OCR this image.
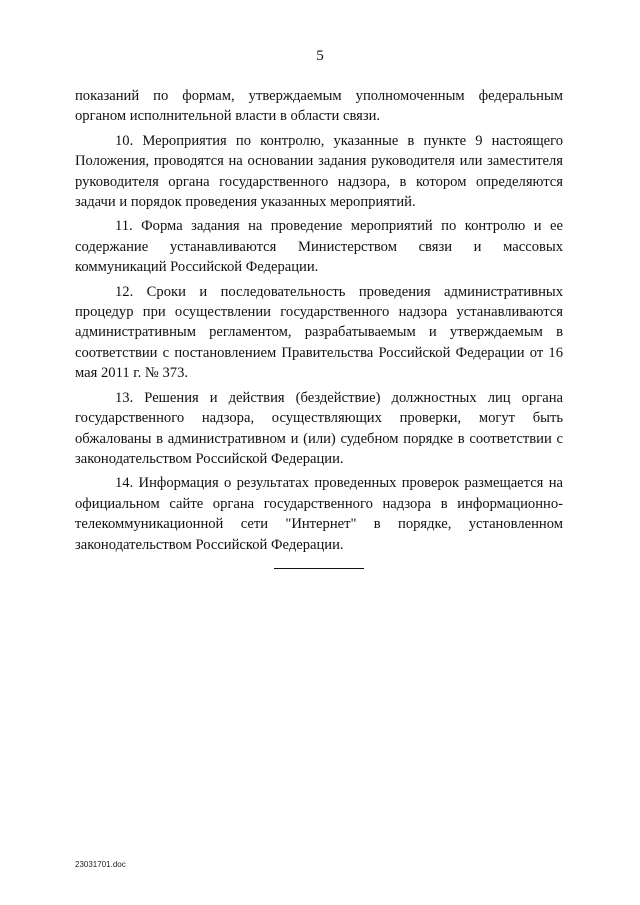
5

показаний по формам, утверждаемым уполномоченным федеральным органом исполнительной власти в области связи.

10. Мероприятия по контролю, указанные в пункте 9 настоящего Положения, проводятся на основании задания руководителя или заместителя руководителя органа государственного надзора, в котором определяются задачи и порядок проведения указанных мероприятий.

11. Форма задания на проведение мероприятий по контролю и ее содержание устанавливаются Министерством связи и массовых коммуникаций Российской Федерации.

12. Сроки и последовательность проведения административных процедур при осуществлении государственного надзора устанавливаются административным регламентом, разрабатываемым и утверждаемым в соответствии с постановлением Правительства Российской Федерации от 16 мая 2011 г. № 373.

13. Решения и действия (бездействие) должностных лиц органа государственного надзора, осуществляющих проверки, могут быть обжалованы в административном и (или) судебном порядке в соответствии с законодательством Российской Федерации.

14. Информация о результатах проведенных проверок размещается на официальном сайте органа государственного надзора в информационно-телекоммуникационной сети "Интернет" в порядке, установленном законодательством Российской Федерации.

23031701.doc
